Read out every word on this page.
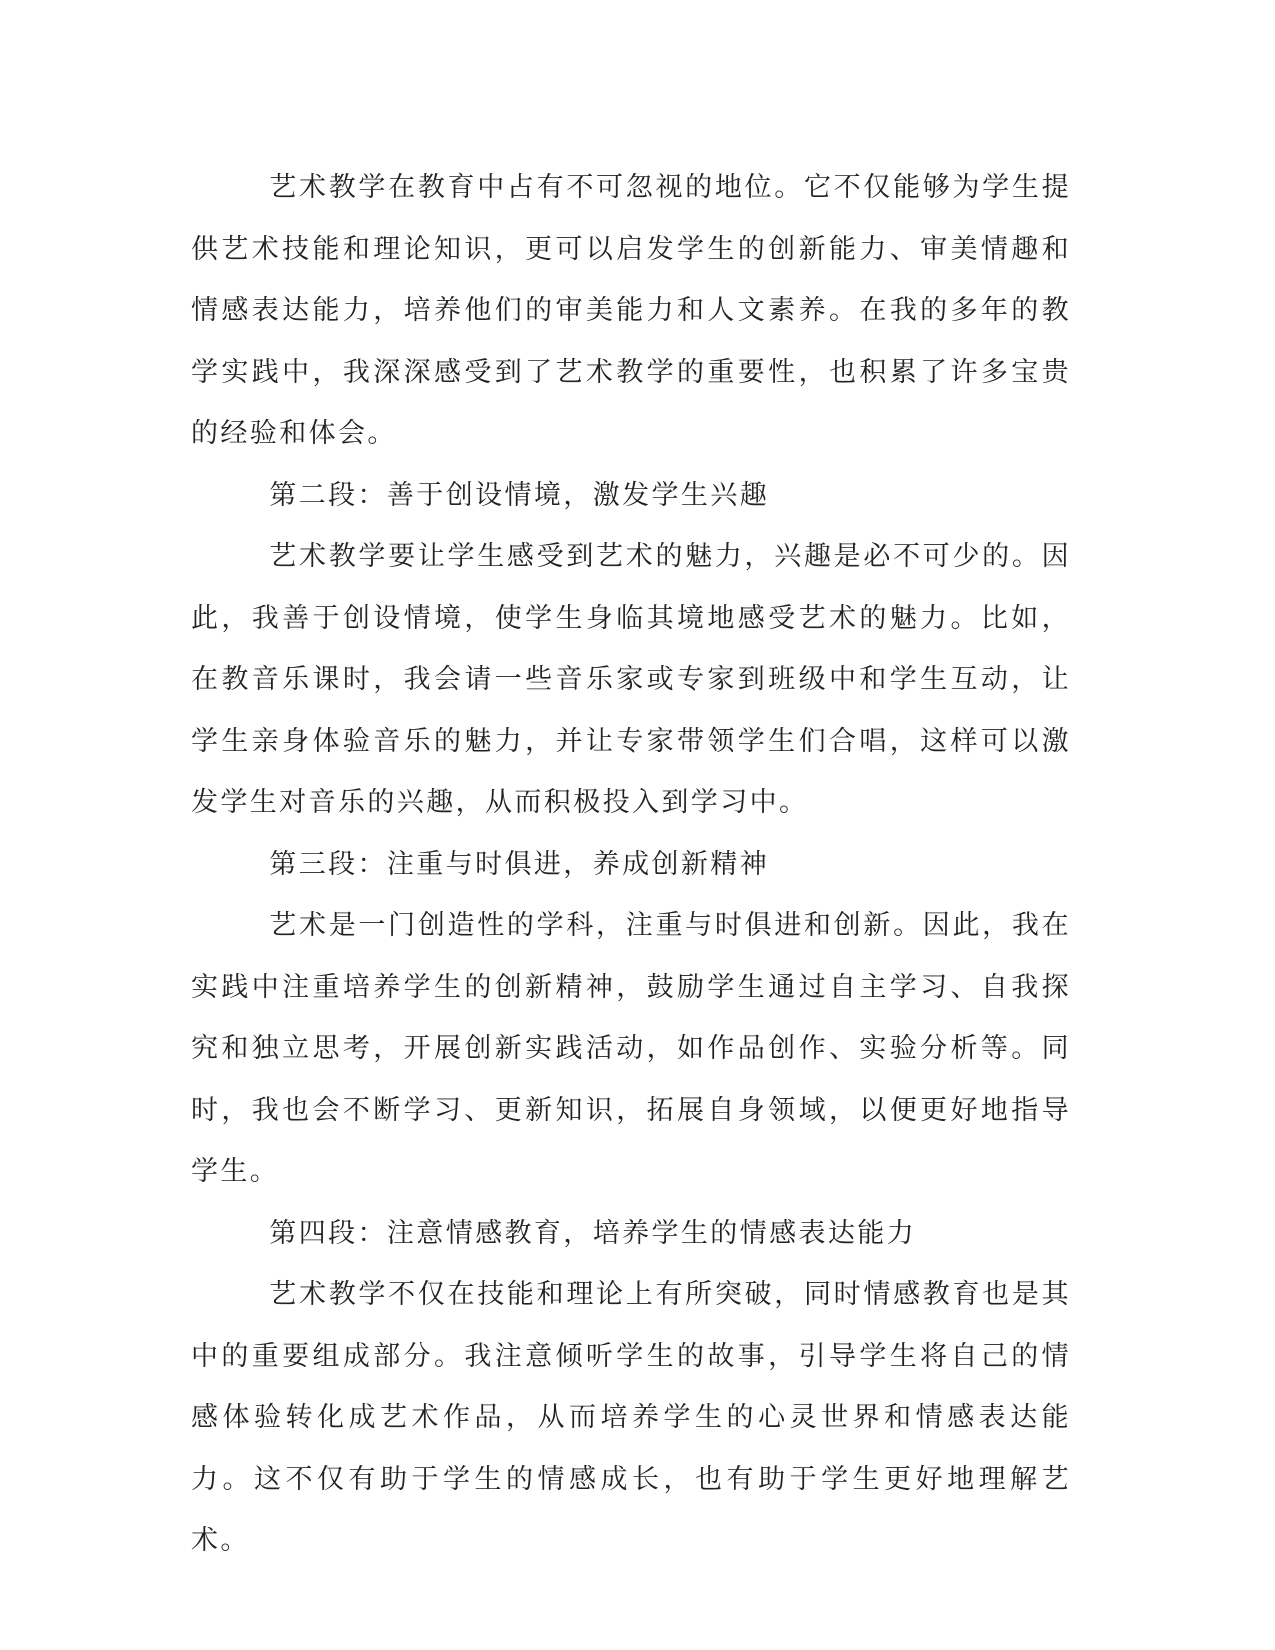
艺术教学在教育中占有不可忽视的地位。它不仅能够为学生提供艺术技能和理论知识，更可以启发学生的创新能力、审美情趣和情感表达能力，培养他们的审美能力和人文素养。在我的多年的教学实践中，我深深感受到了艺术教学的重要性，也积累了许多宝贵的经验和体会。

第二段：善于创设情境，激发学生兴趣

艺术教学要让学生感受到艺术的魅力，兴趣是必不可少的。因此，我善于创设情境，使学生身临其境地感受艺术的魅力。比如，在教音乐课时，我会请一些音乐家或专家到班级中和学生互动，让学生亲身体验音乐的魅力，并让专家带领学生们合唱，这样可以激发学生对音乐的兴趣，从而积极投入到学习中。

第三段：注重与时俱进，养成创新精神

艺术是一门创造性的学科，注重与时俱进和创新。因此，我在实践中注重培养学生的创新精神，鼓励学生通过自主学习、自我探究和独立思考，开展创新实践活动，如作品创作、实验分析等。同时，我也会不断学习、更新知识，拓展自身领域，以便更好地指导学生。

第四段：注意情感教育，培养学生的情感表达能力

艺术教学不仅在技能和理论上有所突破，同时情感教育也是其中的重要组成部分。我注意倾听学生的故事，引导学生将自己的情感体验转化成艺术作品，从而培养学生的心灵世界和情感表达能力。这不仅有助于学生的情感成长，也有助于学生更好地理解艺术。
